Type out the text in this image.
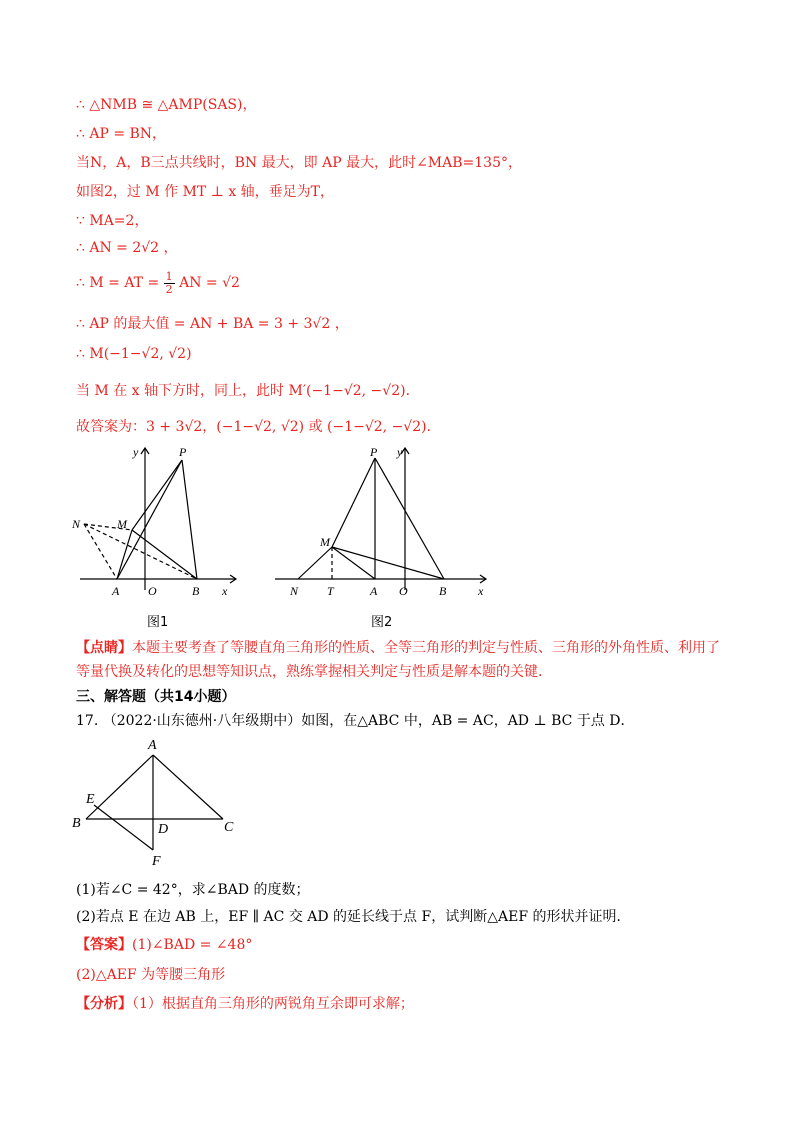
∴ △NMB ≅ △AMP(SAS)，
∴ AP = BN，
当N，A，B三点共线时，BN 最大，即 AP 最大，此时∠MAB=135°，
如图2，过 M 作 MT ⊥ x 轴，垂足为T，
∵ MA=2，
∴ AN = 2√2 ，
∴ M = AT = $\frac{1}{2}$ AN = √2
∴ AP 的最大值 = AN + BA = 3 + 3√2 ，
∴ M(−1−√2, √2)
当 M 在 x 轴下方时，同上，此时 M′(−1−√2, −√2)．
故答案为：3 + 3√2，(−1−√2, √2) 或 (−1−√2, −√2)．
y	P
N	M
A O	B x
图1
P y
M
N T	A O	B	x
图2
【点睛】本题主要考查了等腰直角三角形的性质、全等三角形的判定与性质、三角形的外角性质、利用了
等量代换及转化的思想等知识点，熟练掌握相关判定与性质是解本题的关键．
三、解答题（共14小题）
17. （2022·山东德州·八年级期中）如图，在△ABC 中，AB = AC，AD ⊥ BC 于点 D．
A
E
B	D	C
F
(1)若∠C = 42°，求∠BAD 的度数；
(2)若点 E 在边 AB 上，EF ∥ AC 交 AD 的延长线于点 F，试判断△AEF 的形状并证明．
【答案】(1)∠BAD = ∠48°
(2)△AEF 为等腰三角形
【分析】（1）根据直角三角形的两锐角互余即可求解；
